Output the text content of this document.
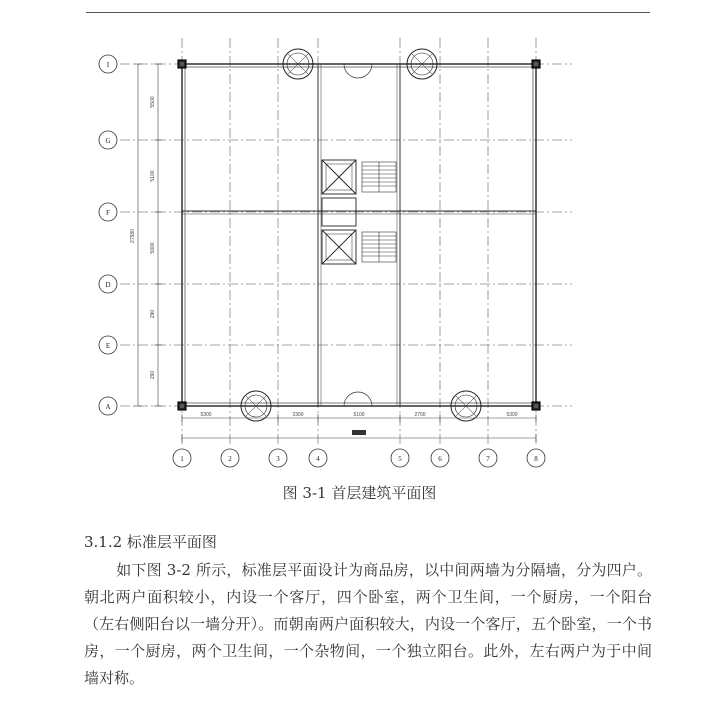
5500
5100
5900
290
290
27580
5300	2300	5100	2700	5300
I
G
F
D
E
A
1	2	3	4	5	6	7	8
图 3-1 首层建筑平面图
3.1.2 标准层平面图

如下图 3-2 所示，标准层平面设计为商品房，以中间两墙为分隔墙，分为四户。朝北两户面积较小，内设一个客厅，四个卧室，两个卫生间，一个厨房，一个阳台（左右侧阳台以一墙分开）。而朝南两户面积较大，内设一个客厅，五个卧室，一个书房，一个厨房，两个卫生间，一个杂物间，一个独立阳台。此外，左右两户为于中间墙对称。
